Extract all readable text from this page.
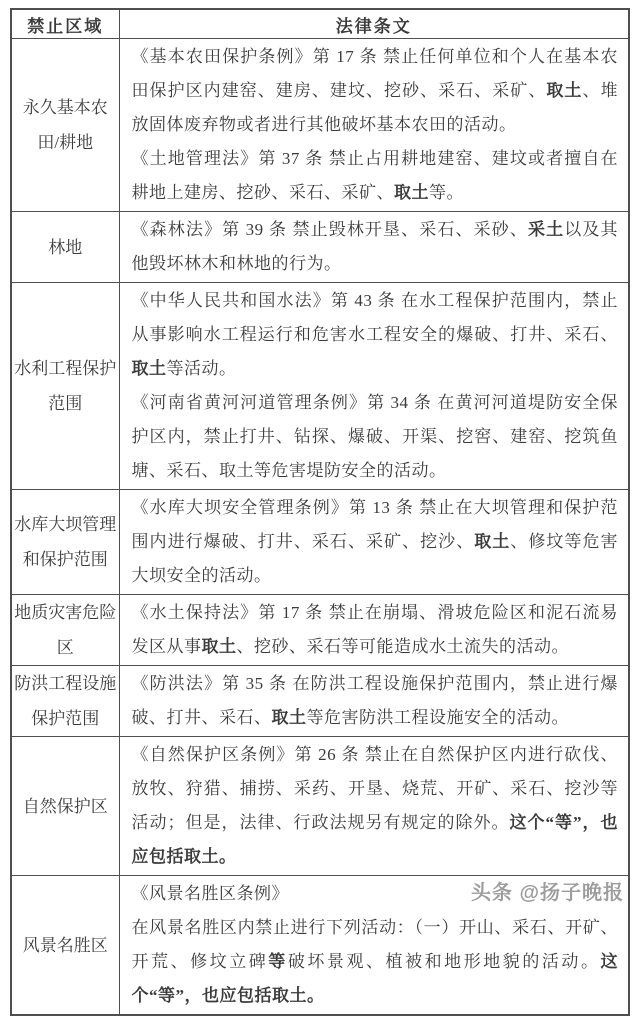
禁止区域	法律条文
永久基本农田/耕地	《基本农田保护条例》第 17 条 禁止任何单位和个人在基本农田保护区内建窑、建房、建坟、挖砂、采石、采矿、取土、堆放固体废弃物或者进行其他破坏基本农田的活动。

《土地管理法》第 37 条 禁止占用耕地建窑、建坟或者擅自在耕地上建房、挖砂、采石、采矿、取土等。

林地	《森林法》第 39 条 禁止毁林开垦、采石、采砂、采土以及其他毁坏林木和林地的行为。

水利工程保护范围	《中华人民共和国水法》第 43 条 在水工程保护范围内，禁止从事影响水工程运行和危害水工程安全的爆破、打井、采石、取土等活动。

《河南省黄河河道管理条例》第 34 条 在黄河河道堤防安全保护区内，禁止打井、钻探、爆破、开渠、挖窖、建窑、挖筑鱼塘、采石、取土等危害堤防安全的活动。

水库大坝管理和保护范围	《水库大坝安全管理条例》第 13 条 禁止在大坝管理和保护范围内进行爆破、打井、采石、采矿、挖沙、取土、修坟等危害大坝安全的活动。

地质灾害危险区	《水土保持法》第 17 条 禁止在崩塌、滑坡危险区和泥石流易发区从事取土、挖砂、采石等可能造成水土流失的活动。

防洪工程设施保护范围	《防洪法》第 35 条 在防洪工程设施保护范围内，禁止进行爆破、打井、采石、取土等危害防洪工程设施安全的活动。

自然保护区	《自然保护区条例》第 26 条 禁止在自然保护区内进行砍伐、放牧、狩猎、捕捞、采药、开垦、烧荒、开矿、采石、挖沙等活动；但是，法律、行政法规另有规定的除外。这个“等”，也应包括取土。

风景名胜区	《风景名胜区条例》

在风景名胜区内禁止进行下列活动：（一）开山、采石、开矿、开荒、修坟立碑等破坏景观、植被和地形地貌的活动。这个“等”，也应包括取土。

头条 @扬子晚报
